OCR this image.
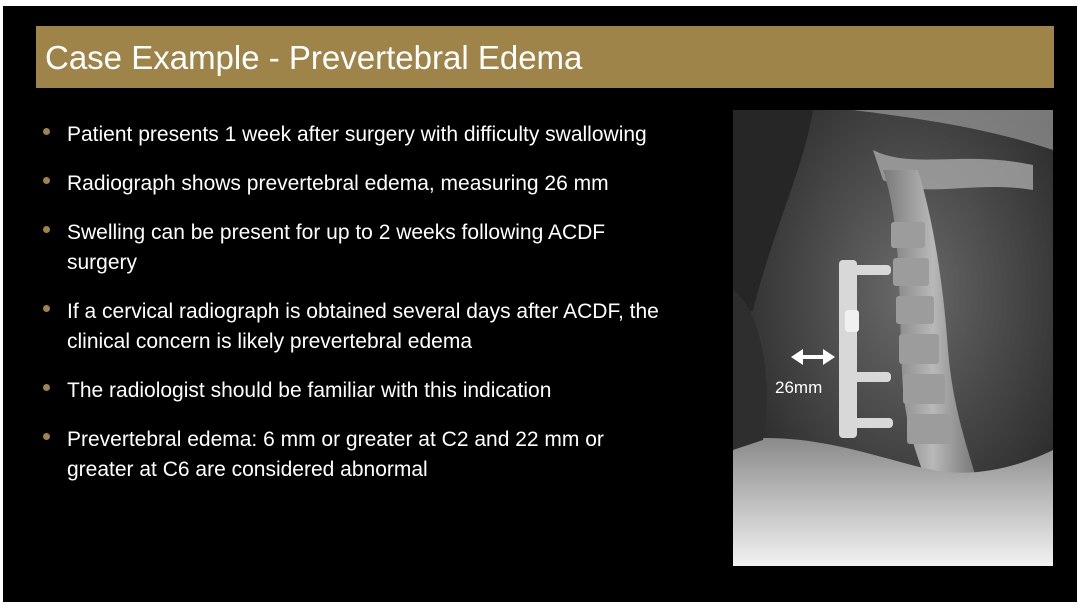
Case Example - Prevertebral Edema
Patient presents 1 week after surgery with difficulty swallowing
Radiograph shows prevertebral edema, measuring 26 mm
Swelling can be present for up to 2 weeks following ACDF surgery
If a cervical radiograph is obtained several days after ACDF, the clinical concern is likely prevertebral edema
The radiologist should be familiar with this indication
Prevertebral edema: 6 mm or greater at C2 and 22 mm or greater at C6 are considered abnormal
26mm
